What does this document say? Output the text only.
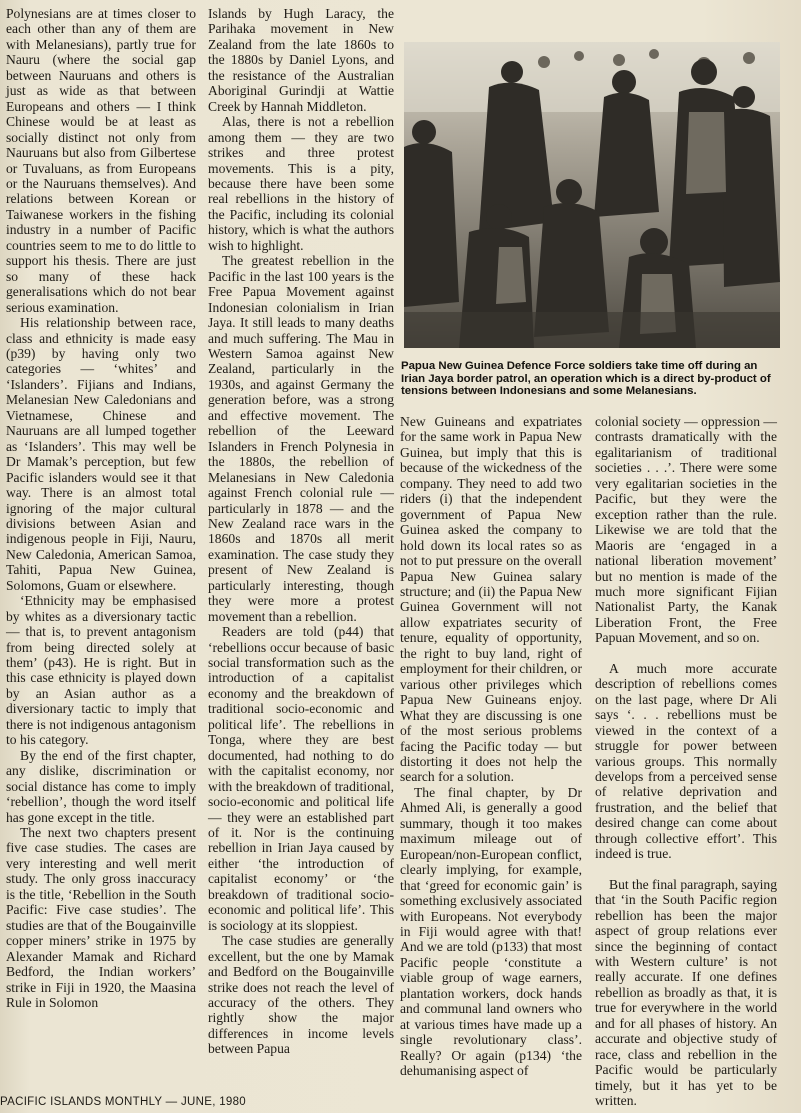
Polynesians are at times closer to each other than any of them are with Melanesians), partly true for Nauru (where the social gap between Nauruans and others is just as wide as that between Europeans and others — I think Chinese would be at least as socially distinct not only from Nauruans but also from Gilbertese or Tuvaluans, as from Europeans or the Nauruans themselves). And relations between Korean or Taiwanese workers in the fishing industry in a number of Pacific countries seem to me to do little to support his thesis. There are just so many of these hack generalisations which do not bear serious examination.

His relationship between race, class and ethnicity is made easy (p39) by having only two categories — ‘whites’ and ‘Islanders’. Fijians and Indians, Melanesian New Caledonians and Vietnamese, Chinese and Nauruans are all lumped together as ‘Islanders’. This may well be Dr Mamak’s perception, but few Pacific islanders would see it that way. There is an almost total ignoring of the major cultural divisions between Asian and indigenous people in Fiji, Nauru, New Caledonia, American Samoa, Tahiti, Papua New Guinea, Solomons, Guam or elsewhere.

‘Ethnicity may be emphasised by whites as a diversionary tactic — that is, to prevent antagonism from being directed solely at them’ (p43). He is right. But in this case ethnicity is played down by an Asian author as a diversionary tactic to imply that there is not indigenous antagonism to his category.

By the end of the first chapter, any dislike, discrimination or social distance has come to imply ‘rebellion’, though the word itself has gone except in the title.

The next two chapters present five case studies. The cases are very interesting and well merit study. The only gross inaccuracy is the title, ‘Rebellion in the South Pacific: Five case studies’. The studies are that of the Bougainville copper miners’ strike in 1975 by Alexander Mamak and Richard Bedford, the Indian workers’ strike in Fiji in 1920, the Maasina Rule in Solomon

Islands by Hugh Laracy, the Parihaka movement in New Zealand from the late 1860s to the 1880s by Daniel Lyons, and the resistance of the Australian Aboriginal Gurindji at Wattie Creek by Hannah Middleton.

Alas, there is not a rebellion among them — they are two strikes and three protest movements. This is a pity, because there have been some real rebellions in the history of the Pacific, including its colonial history, which is what the authors wish to highlight.

The greatest rebellion in the Pacific in the last 100 years is the Free Papua Movement against Indonesian colonialism in Irian Jaya. It still leads to many deaths and much suffering. The Mau in Western Samoa against New Zealand, particularly in the 1930s, and against Germany the generation before, was a strong and effective movement. The rebellion of the Leeward Islanders in French Polynesia in the 1880s, the rebellion of Melanesians in New Caledonia against French colonial rule — particularly in 1878 — and the New Zealand race wars in the 1860s and 1870s all merit examination. The case study they present of New Zealand is particularly interesting, though they were more a protest movement than a rebellion.

Readers are told (p44) that ‘rebellions occur because of basic social transformation such as the introduction of a capitalist economy and the breakdown of traditional socio-economic and political life’. The rebellions in Tonga, where they are best documented, had nothing to do with the capitalist economy, nor with the breakdown of traditional, socio-economic and political life — they were an established part of it. Nor is the continuing rebellion in Irian Jaya caused by either ‘the introduction of capitalist economy’ or ‘the breakdown of traditional socio-economic and political life’. This is sociology at its sloppiest.

The case studies are generally excellent, but the one by Mamak and Bedford on the Bougainville strike does not reach the level of accuracy of the others. They rightly show the major differences in income levels between Papua

Papua New Guinea Defence Force soldiers take time off during an Irian Jaya border patrol, an operation which is a direct by-product of tensions between Indonesians and some Melanesians.

New Guineans and expatriates for the same work in Papua New Guinea, but imply that this is because of the wickedness of the company. They need to add two riders (i) that the independent government of Papua New Guinea asked the company to hold down its local rates so as not to put pressure on the overall Papua New Guinea salary structure; and (ii) the Papua New Guinea Government will not allow expatriates security of tenure, equality of opportunity, the right to buy land, right of employment for their children, or various other privileges which Papua New Guineans enjoy. What they are discussing is one of the most serious problems facing the Pacific today — but distorting it does not help the search for a solution.

The final chapter, by Dr Ahmed Ali, is generally a good summary, though it too makes maximum mileage out of European/non-European conflict, clearly implying, for example, that ‘greed for economic gain’ is something exclusively associated with Europeans. Not everybody in Fiji would agree with that! And we are told (p133) that most Pacific people ‘constitute a viable group of wage earners, plantation workers, dock hands and communal land owners who at various times have made up a single revolutionary class’. Really? Or again (p134) ‘the dehumanising aspect of

colonial society — oppression — contrasts dramatically with the egalitarianism of traditional societies . . .’. There were some very egalitarian societies in the Pacific, but they were the exception rather than the rule. Likewise we are told that the Maoris are ‘engaged in a national liberation movement’ but no mention is made of the much more significant Fijian Nationalist Party, the Kanak Liberation Front, the Free Papuan Movement, and so on.

A much more accurate description of rebellions comes on the last page, where Dr Ali says ‘. . . rebellions must be viewed in the context of a struggle for power between various groups. This normally develops from a perceived sense of relative deprivation and frustration, and the belief that desired change can come about through collective effort’. This indeed is true.

But the final paragraph, saying that ‘in the South Pacific region rebellion has been the major aspect of group relations ever since the beginning of contact with Western culture’ is not really accurate. If one defines rebellion as broadly as that, it is true for everywhere in the world and for all phases of history. An accurate and objective study of race, class and rebellion in the Pacific would be particularly timely, but it has yet to be written.

PACIFIC ISLANDS MONTHLY — JUNE, 1980
